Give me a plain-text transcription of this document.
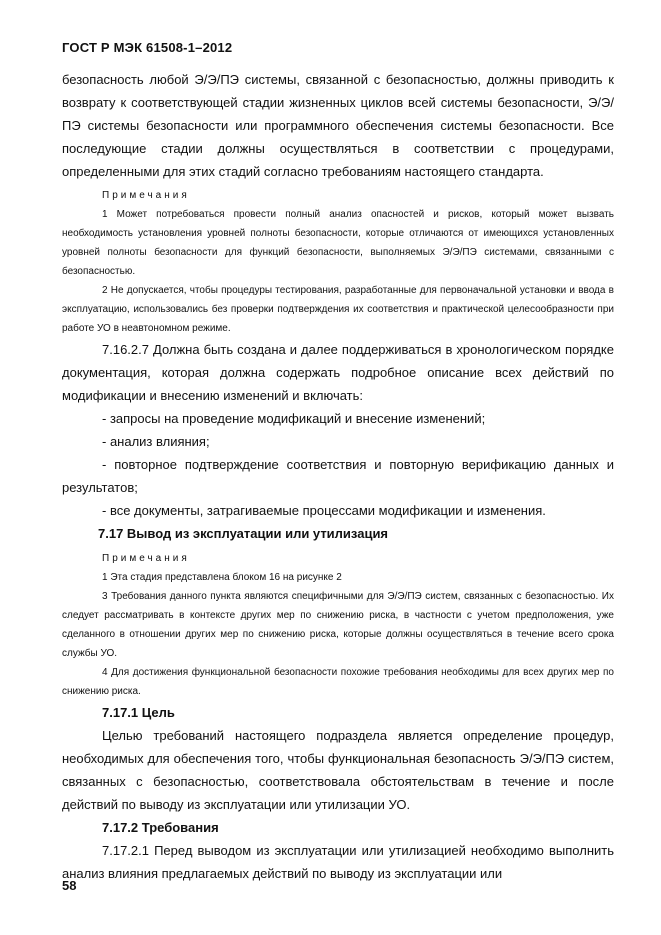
ГОСТ Р МЭК 61508-1–2012

безопасность любой Э/Э/ПЭ системы, связанной с безопасностью, должны приводить к возврату к соответствующей стадии жизненных циклов всей системы безопасности, Э/Э/ПЭ системы безопасности или программного обеспечения системы безопасности. Все последующие стадии должны осуществляться в соответствии с процедурами, определенными для этих стадий согласно требованиям настоящего стандарта.

Примечания

1 Может потребоваться провести полный анализ опасностей и рисков, который может вызвать необходимость установления уровней полноты безопасности, которые отличаются от имеющихся установленных уровней полноты безопасности для функций безопасности, выполняемых Э/Э/ПЭ системами, связанными с безопасностью.

2 Не допускается, чтобы процедуры тестирования, разработанные для первоначальной установки и ввода в эксплуатацию, использовались без проверки подтверждения их соответствия и практической целесообразности при работе УО в неавтономном режиме.

7.16.2.7 Должна быть создана и далее поддерживаться в хронологическом порядке документация, которая должна содержать подробное описание всех действий по модификации и внесению изменений и включать:

- запросы на проведение модификаций и внесение изменений;

- анализ влияния;

- повторное подтверждение соответствия и повторную верификацию данных и результатов;

- все документы, затрагиваемые процессами модификации и изменения.

7.17 Вывод из эксплуатации или утилизация
Примечания

1 Эта стадия представлена блоком 16 на рисунке 2

3 Требования данного пункта являются специфичными для Э/Э/ПЭ систем, связанных с безопасностью. Их следует рассматривать в контексте других мер по снижению риска, в частности с учетом предположения, уже сделанного в отношении других мер по снижению риска, которые должны осуществляться в течение всего срока службы УО.

4 Для достижения функциональной безопасности похожие требования необходимы для всех других мер по снижению риска.

7.17.1 Цель

Целью требований настоящего подраздела является определение процедур, необходимых для обеспечения того, чтобы функциональная безопасность Э/Э/ПЭ систем, связанных с безопасностью, соответствовала обстоятельствам в течение и после действий по выводу из эксплуатации или утилизации УО.

7.17.2 Требования

7.17.2.1 Перед выводом из эксплуатации или утилизацией необходимо выполнить анализ влияния предлагаемых действий по выводу из эксплуатации или

58
